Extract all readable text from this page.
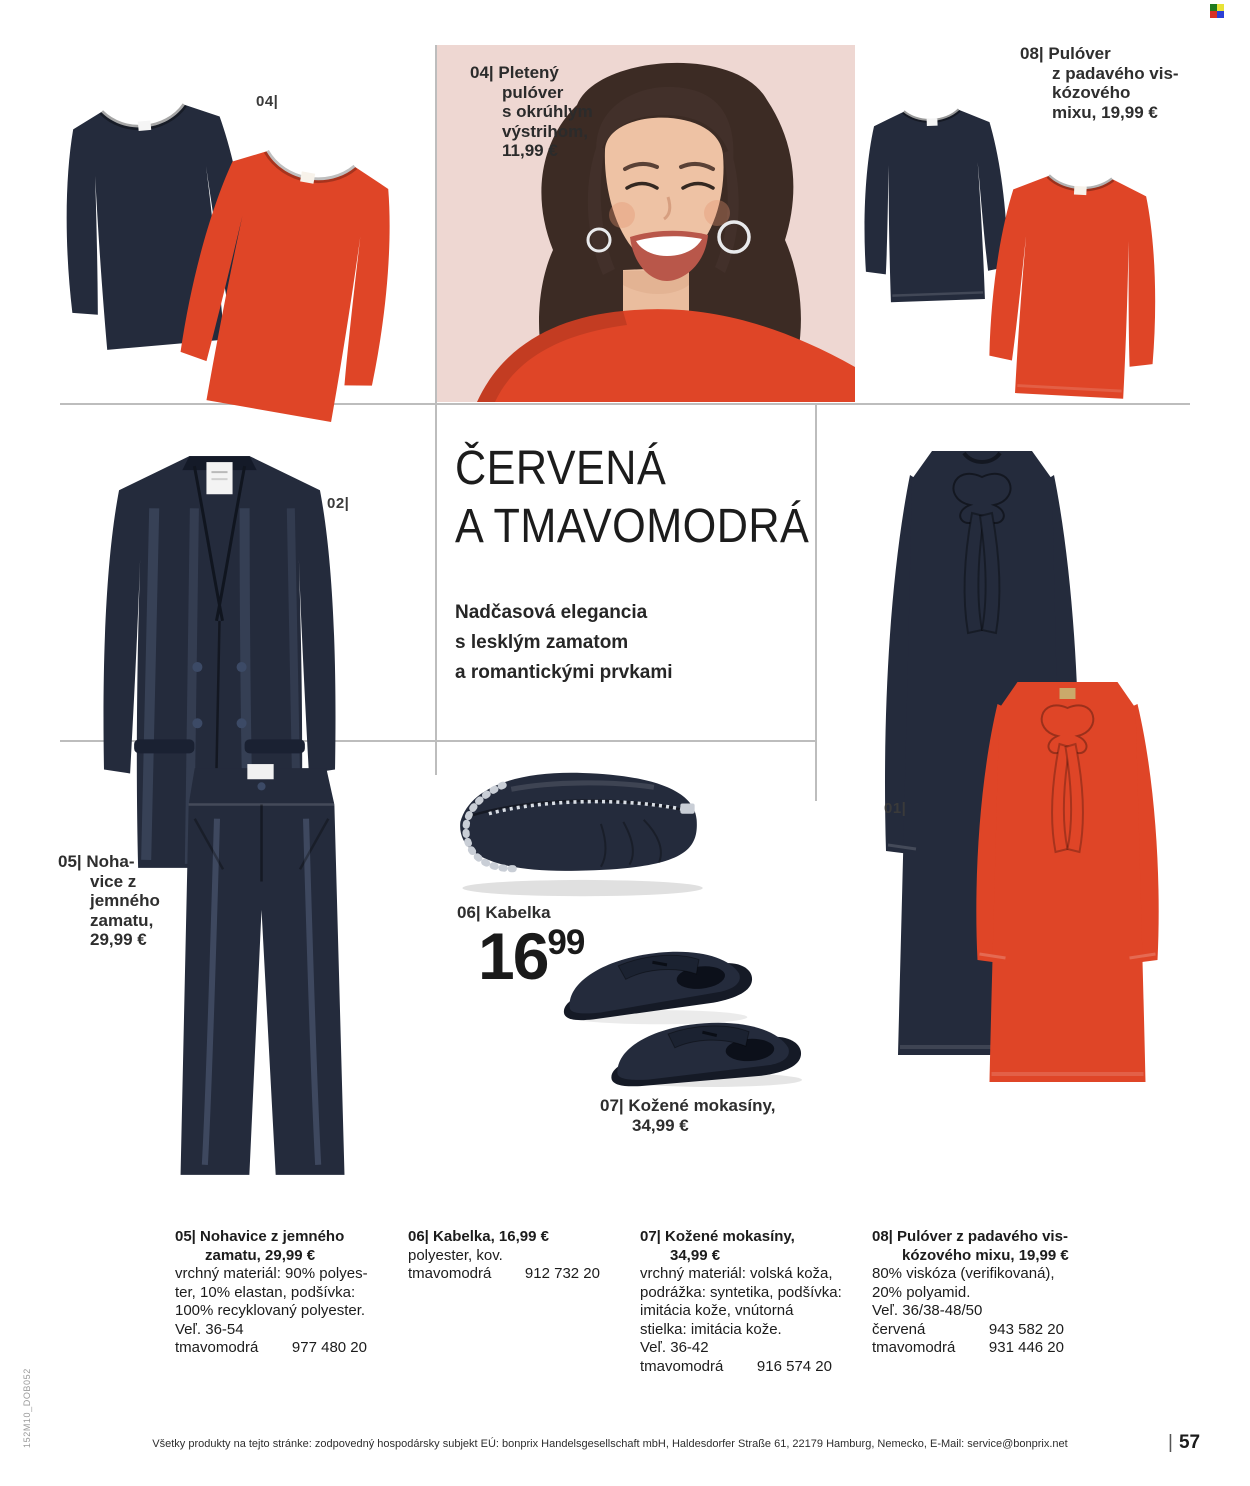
04|
04| Pletený
pulóver
s okrúhlym
výstrihom,
11,99 €
08| Pulóver
z padavého vis-
kózového
mixu, 19,99 €
02|
ČERVENÁ
A TMAVOMODRÁ
Nadčasová elegancia
s lesklým zamatom
a romantickými prvkami
01|
05| Noha-
vice z
jemného
zamatu,
29,99 €
06| Kabelka
1699
07| Kožené mokasíny,
34,99 €
05| Nohavice z jemného
zamatu, 29,99 €
vrchný materiál: 90% polyes-
ter, 10% elastan, podšívka:
100% recyklovaný polyester.
Veľ. 36-54
tmavomodrá 977 480 20
06| Kabelka, 16,99 €
polyester, kov.
tmavomodrá 912 732 20
07| Kožené mokasíny,
34,99 €
vrchný materiál: volská koža,
podrážka: syntetika, podšívka:
imitácia kože, vnútorná
stielka: imitácia kože.
Veľ. 36-42
tmavomodrá 916 574 20
08| Pulóver z padavého vis-
kózového mixu, 19,99 €
80% viskóza (verifikovaná),
20% polyamid.
Veľ. 36/38-48/50
červená	943 582 20
tmavomodrá 931 446 20
Všetky produkty na tejto stránke: zodpovedný hospodársky subjekt EÚ: bonprix Handelsgesellschaft mbH, Haldesdorfer Straße 61, 22179 Hamburg, Nemecko, E-Mail: service@bonprix.net	| 57
152M10_DOB052
